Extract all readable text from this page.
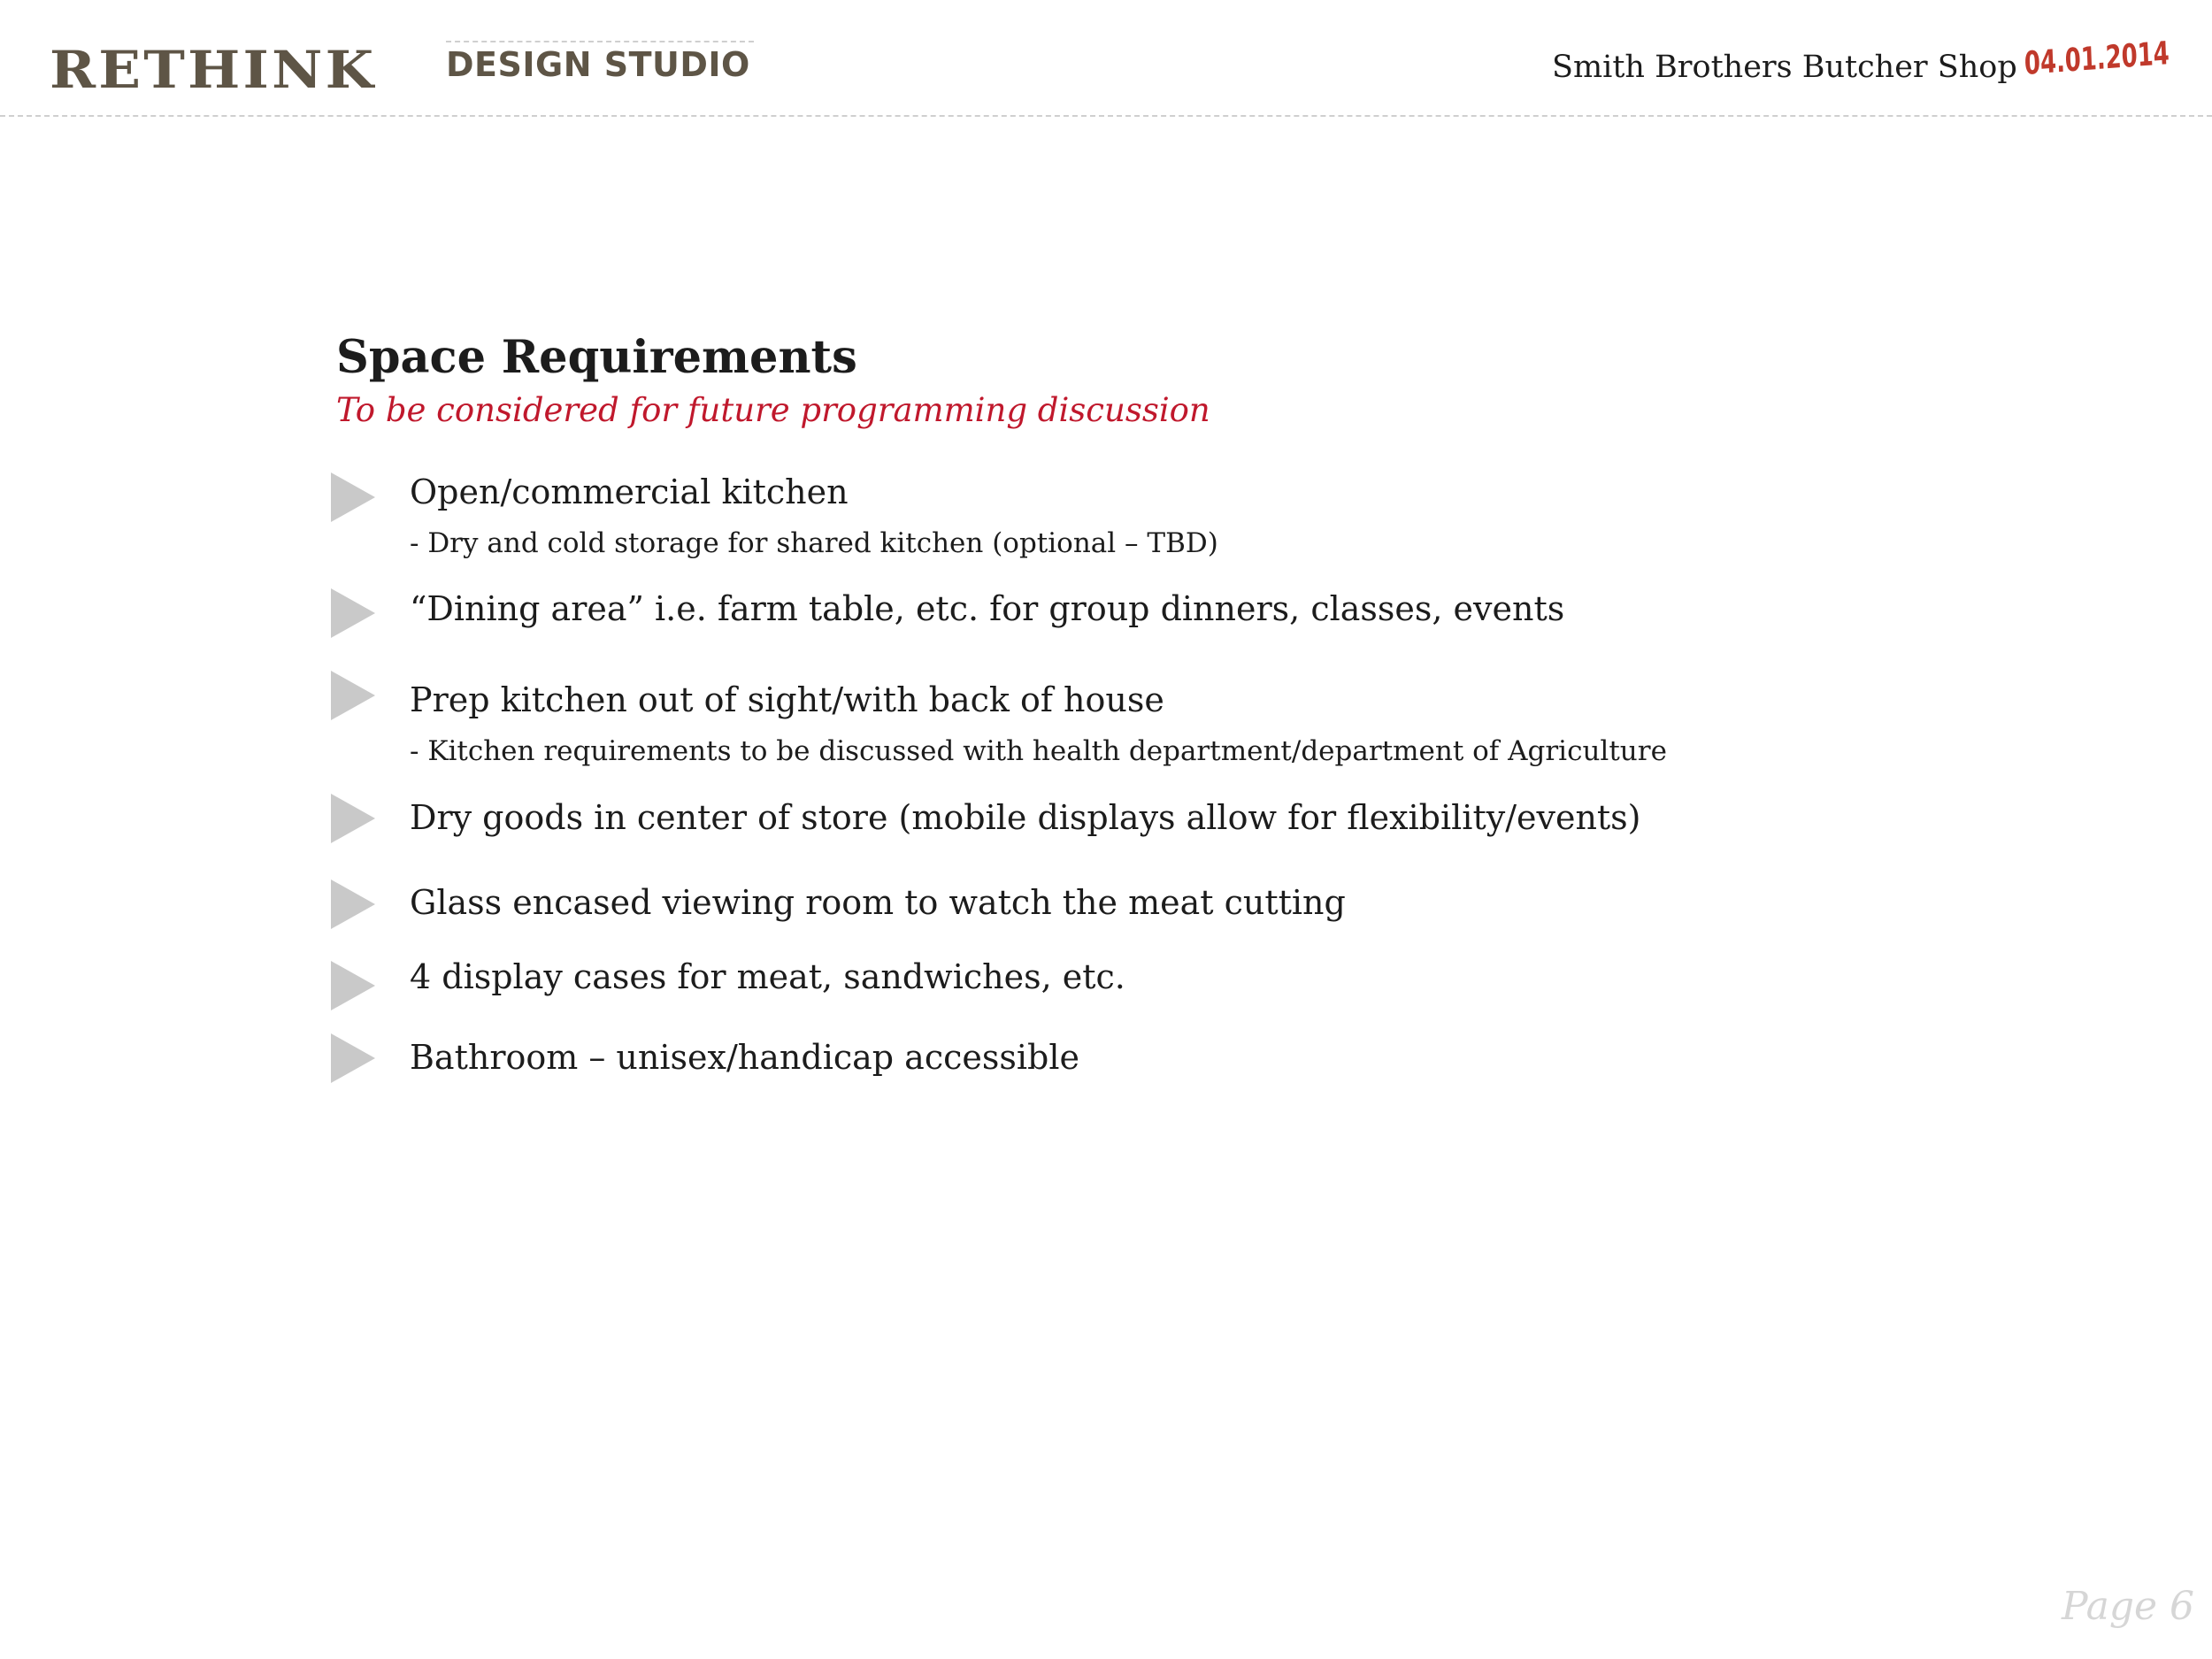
RETHINK DESIGN STUDIO	Smith Brothers Butcher Shop 04.01.2014
Space Requirements

To be considered for future programming discussion

Open/commercial kitchen
- Dry and cold storage for shared kitchen (optional – TBD)
“Dining area” i.e. farm table, etc. for group dinners, classes, events
Prep kitchen out of sight/with back of house
- Kitchen requirements to be discussed with health department/department of Agriculture
Dry goods in center of store (mobile displays allow for flexibility/events)
Glass encased viewing room to watch the meat cutting
4 display cases for meat, sandwiches, etc.
Bathroom – unisex/handicap accessible
Page 6
